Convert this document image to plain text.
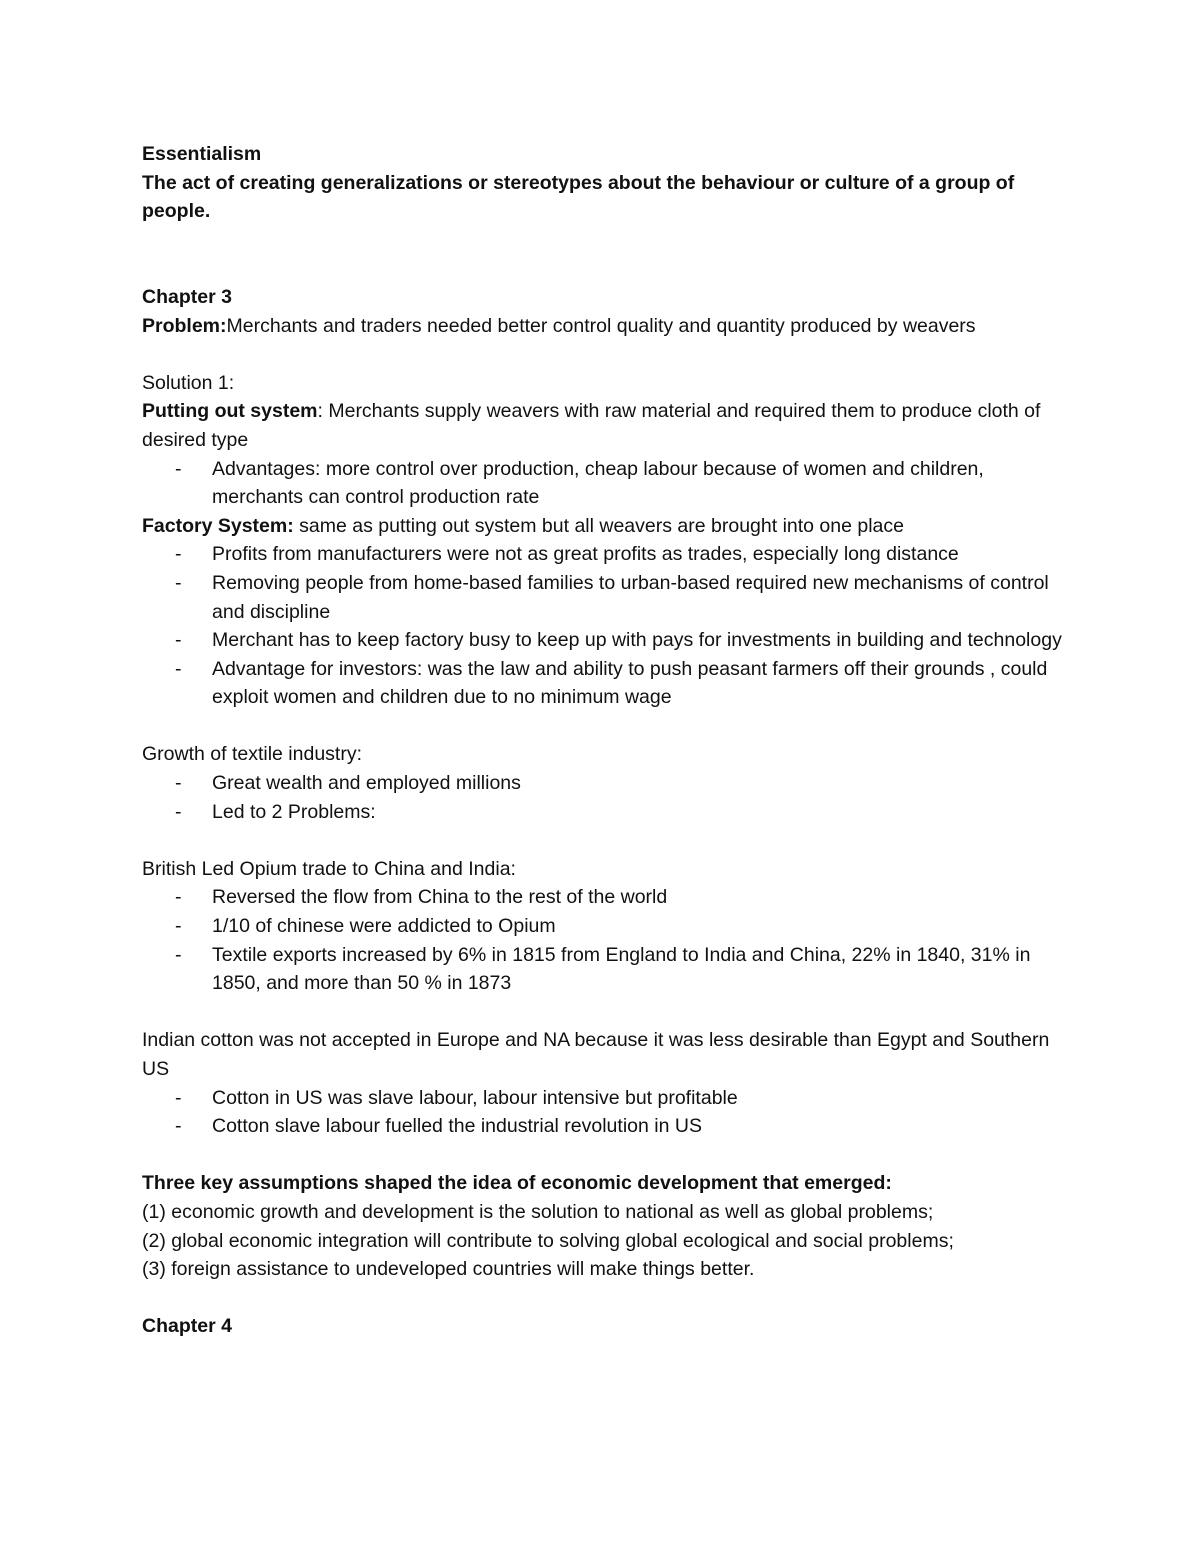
Essentialism

The act of creating generalizations or stereotypes about the behaviour or culture of a group of people.

Chapter 3

Problem:Merchants and traders needed better control quality and quantity produced by weavers

Solution 1:

Putting out system: Merchants supply weavers with raw material and required them to produce cloth of desired type

- Advantages: more control over production, cheap labour because of women and children, merchants can control production rate

Factory System: same as putting out system but all weavers are brought into one place

- Profits from manufacturers were not as great profits as trades, especially long distance
- Removing people from home-based families to urban-based required new mechanisms of control and discipline
- Merchant has to keep factory busy to keep up with pays for investments in building and technology
- Advantage for investors: was the law and ability to push peasant farmers off their grounds , could exploit women and children due to no minimum wage

Growth of textile industry:

- Great wealth and employed millions
- Led to 2 Problems:

British Led Opium trade to China and India:

- Reversed the flow from China to the rest of the world
- 1/10 of chinese were addicted to Opium
- Textile exports increased by 6% in 1815 from England to India and China, 22% in 1840, 31% in 1850, and more than 50 % in 1873

Indian cotton was not accepted in Europe and NA because it was less desirable than Egypt and Southern US

- Cotton in US was slave labour, labour intensive but profitable
- Cotton slave labour fuelled the industrial revolution in US

Three key assumptions shaped the idea of economic development that emerged:

(1) economic growth and development is the solution to national as well as global problems;

(2) global economic integration will contribute to solving global ecological and social problems;

(3) foreign assistance to undeveloped countries will make things better.

Chapter 4
